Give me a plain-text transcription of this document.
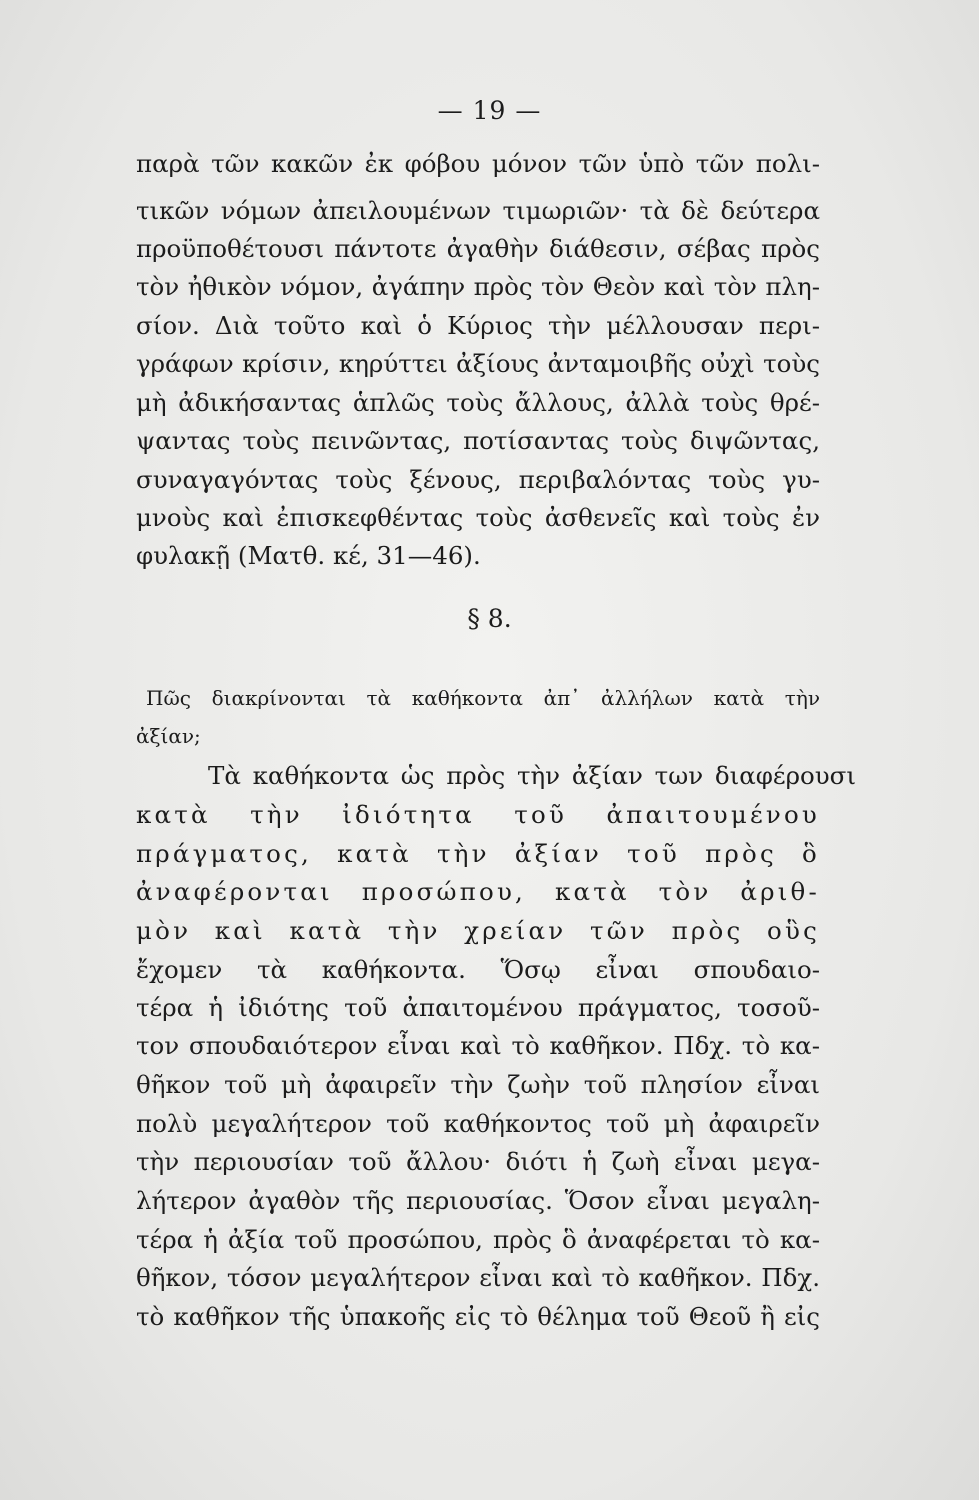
— 19 —
παρὰ τῶν κακῶν ἐκ φόβου μόνον τῶν ὑπὸ τῶν πολι-
τικῶν νόμων ἀπειλουμένων τιμωριῶν· τὰ δὲ δεύτερα
προϋποθέτουσι πάντοτε ἀγαθὴν διάθεσιν, σέβας πρὸς
τὸν ἠθικὸν νόμον, ἀγάπην πρὸς τὸν Θεὸν καὶ τὸν πλη-
σίον. Διὰ τοῦτο καὶ ὁ Κύριος τὴν μέλλουσαν περι-
γράφων κρίσιν, κηρύττει ἀξίους ἀνταμοιβῆς οὐχὶ τοὺς
μὴ ἀδικήσαντας ἁπλῶς τοὺς ἄλλους, ἀλλὰ τοὺς θρέ-
ψαντας τοὺς πεινῶντας, ποτίσαντας τοὺς διψῶντας,
συναγαγόντας τοὺς ξένους, περιβαλόντας τοὺς γυ-
μνοὺς καὶ ἐπισκεφθέντας τοὺς ἀσθενεῖς καὶ τοὺς ἐν
φυλακῇ (Ματθ. κέ, 31—46).
§ 8.
Πῶς διακρίνονται τὰ καθήκοντα ἀπ᾽ ἀλλήλων κατὰ τὴν
ἀξίαν;
Τὰ καθήκοντα ὡς πρὸς τὴν ἀξίαν των διαφέρουσι
κατὰ τὴν ἰδιότητα τοῦ ἀπαιτουμένου
πράγματος, κατὰ τὴν ἀξίαν τοῦ πρὸς ὃ
ἀναφέρονται προσώπου, κατὰ τὸν ἀριθ-
μὸν καὶ κατὰ τὴν χρείαν τῶν πρὸς οὓς
ἔχομεν τὰ καθήκοντα. Ὅσῳ εἶναι σπουδαιο-
τέρα ἡ ἰδιότης τοῦ ἀπαιτομένου πράγματος, τοσοῦ-
τον σπουδαιότερον εἶναι καὶ τὸ καθῆκον. Πδχ. τὸ κα-
θῆκον τοῦ μὴ ἀφαιρεῖν τὴν ζωὴν τοῦ πλησίον εἶναι
πολὺ μεγαλήτερον τοῦ καθήκοντος τοῦ μὴ ἀφαιρεῖν
τὴν περιουσίαν τοῦ ἄλλου· διότι ἡ ζωὴ εἶναι μεγα-
λήτερον ἀγαθὸν τῆς περιουσίας. Ὅσον εἶναι μεγαλη-
τέρα ἡ ἀξία τοῦ προσώπου, πρὸς ὃ ἀναφέρεται τὸ κα-
θῆκον, τόσον μεγαλήτερον εἶναι καὶ τὸ καθῆκον. Πδχ.
τὸ καθῆκον τῆς ὑπακοῆς εἰς τὸ θέλημα τοῦ Θεοῦ ἢ εἰς
